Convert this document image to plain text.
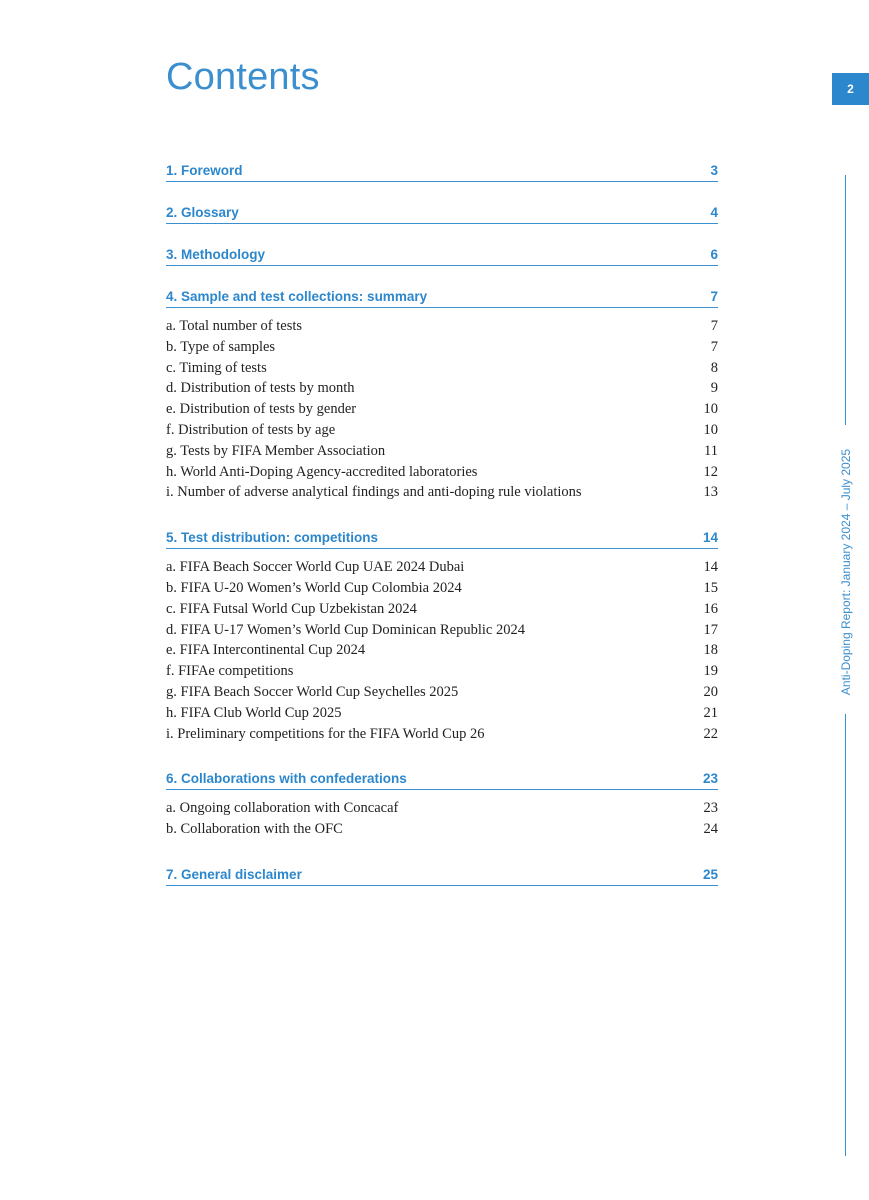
Contents	2
Anti-Doping Report: January 2024 – July 2025
1. Foreword	3
2. Glossary	4
3. Methodology	6
4. Sample and test collections: summary	7
a. Total number of tests	7
b. Type of samples	7
c. Timing of tests	8
d. Distribution of tests by month	9
e. Distribution of tests by gender	10
f. Distribution of tests by age	10
g. Tests by FIFA Member Association	11
h. World Anti-Doping Agency-accredited laboratories	12
i. Number of adverse analytical findings and anti-doping rule violations	13
5. Test distribution: competitions	14
a. FIFA Beach Soccer World Cup UAE 2024 Dubai	14
b. FIFA U-20 Women’s World Cup Colombia 2024	15
c. FIFA Futsal World Cup Uzbekistan 2024	16
d. FIFA U-17 Women’s World Cup Dominican Republic 2024	17
e. FIFA Intercontinental Cup 2024	18
f. FIFAe competitions	19
g. FIFA Beach Soccer World Cup Seychelles 2025	20
h. FIFA Club World Cup 2025	21
i. Preliminary competitions for the FIFA World Cup 26	22
6. Collaborations with confederations	23
a. Ongoing collaboration with Concacaf	23
b. Collaboration with the OFC	24
7. General disclaimer	25
